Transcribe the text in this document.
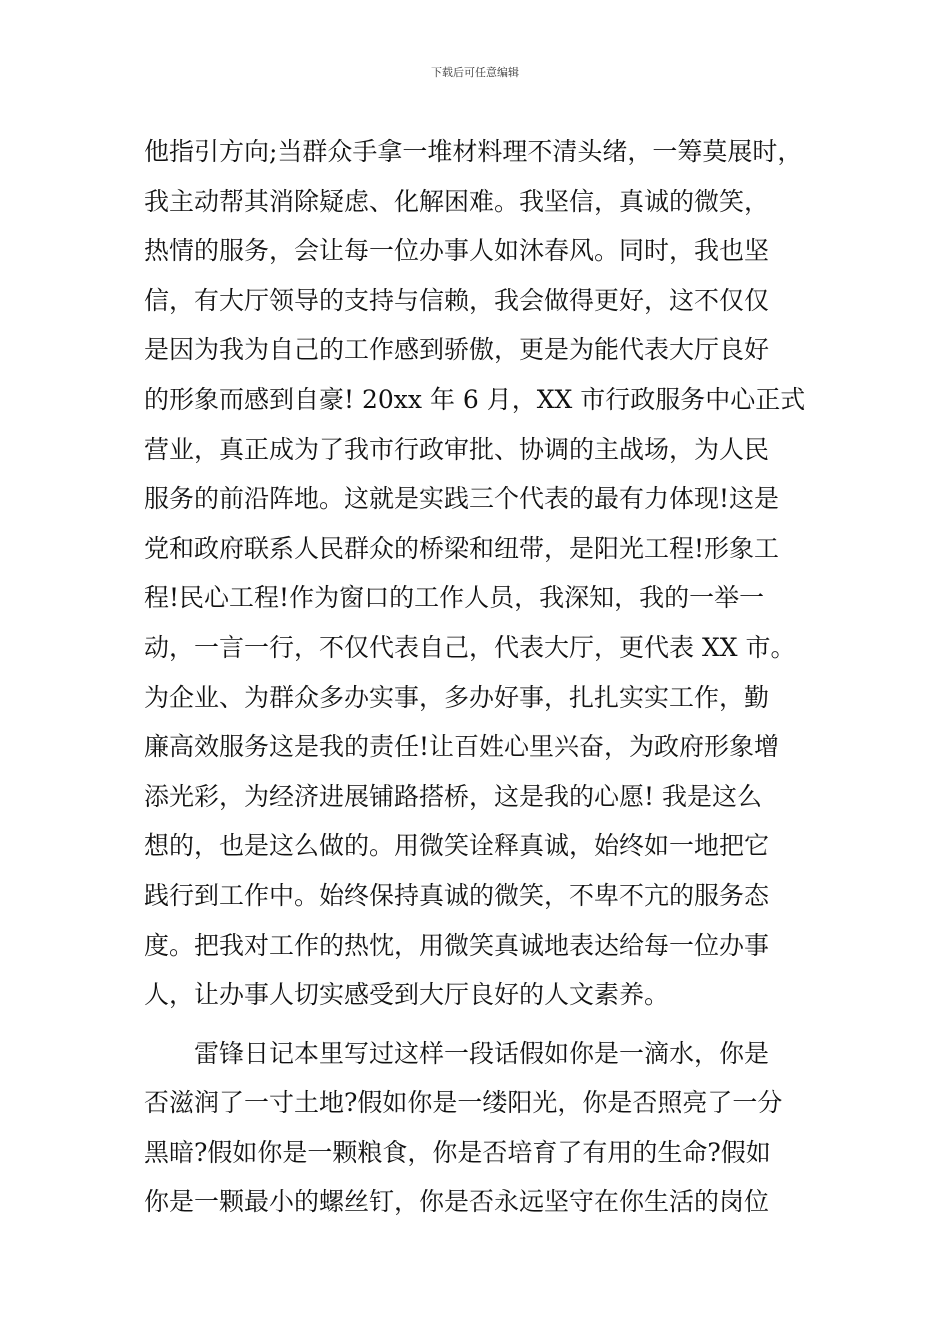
下载后可任意编辑
他指引方向;当群众手拿一堆材料理不清头绪，一筹莫展时，
我主动帮其消除疑虑、化解困难。我坚信，真诚的微笑，
热情的服务，会让每一位办事人如沐春风。同时，我也坚
信，有大厅领导的支持与信赖，我会做得更好，这不仅仅
是因为我为自己的工作感到骄傲，更是为能代表大厅良好
的形象而感到自豪! 20xx 年 6 月，XX 市行政服务中心正式
营业，真正成为了我市行政审批、协调的主战场，为人民
服务的前沿阵地。这就是实践三个代表的最有力体现!这是
党和政府联系人民群众的桥梁和纽带，是阳光工程!形象工
程!民心工程!作为窗口的工作人员，我深知，我的一举一
动，一言一行，不仅代表自己，代表大厅，更代表 XX 市。
为企业、为群众多办实事，多办好事，扎扎实实工作，勤
廉高效服务这是我的责任!让百姓心里兴奋，为政府形象增
添光彩，为经济进展铺路搭桥，这是我的心愿! 我是这么
想的，也是这么做的。用微笑诠释真诚，始终如一地把它
践行到工作中。始终保持真诚的微笑，不卑不亢的服务态
度。把我对工作的热忱，用微笑真诚地表达给每一位办事
人，让办事人切实感受到大厅良好的人文素养。
　　雷锋日记本里写过这样一段话假如你是一滴水，你是
否滋润了一寸土地?假如你是一缕阳光，你是否照亮了一分
黑暗?假如你是一颗粮食，你是否培育了有用的生命?假如
你是一颗最小的螺丝钉，你是否永远坚守在你生活的岗位
